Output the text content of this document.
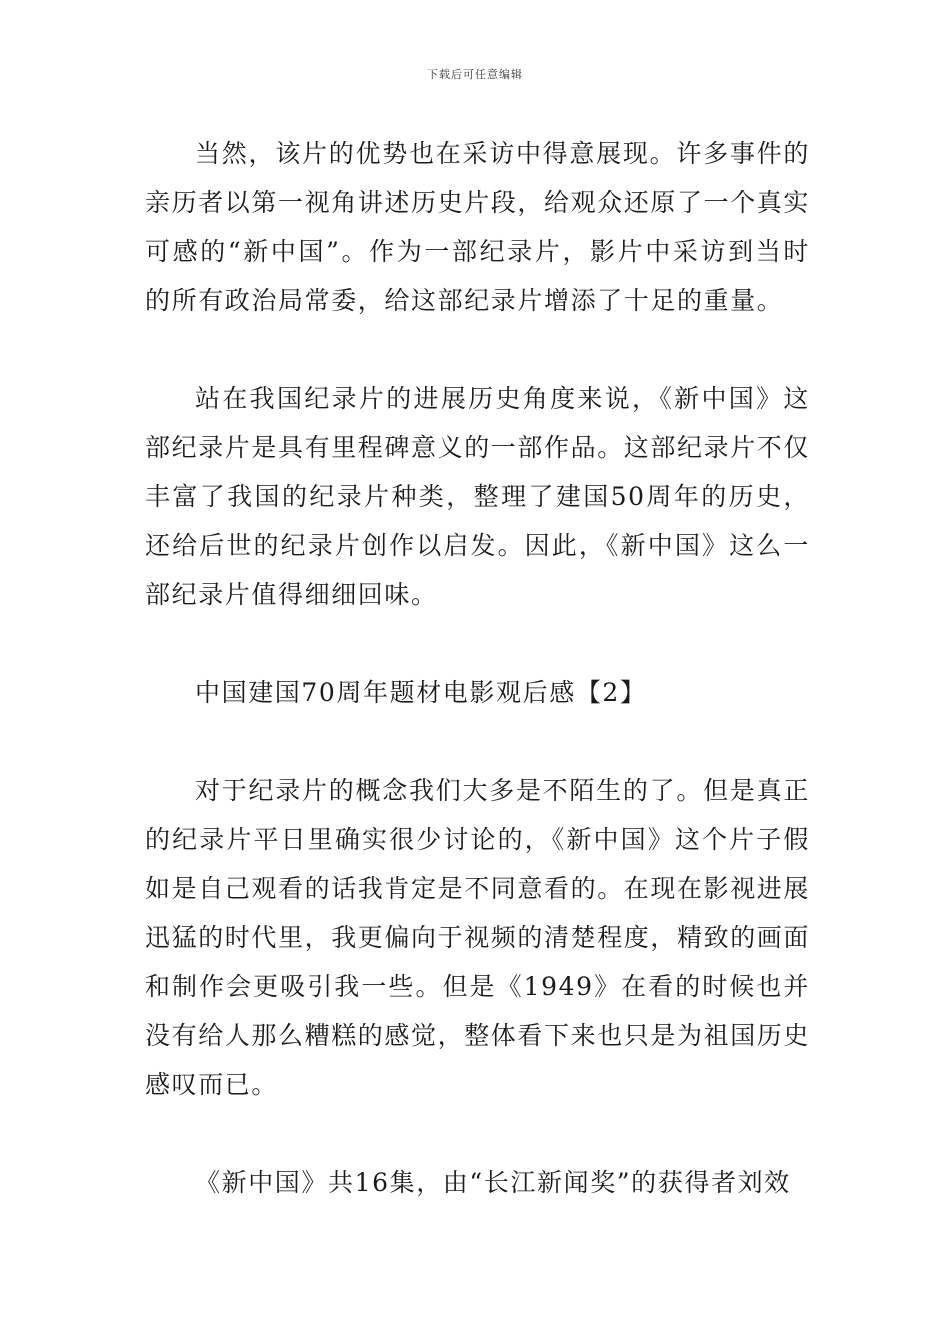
下载后可任意编辑

当然，该片的优势也在采访中得意展现。许多事件的亲历者以第一视角讲述历史片段，给观众还原了一个真实可感的“新中国”。作为一部纪录片，影片中采访到当时的所有政治局常委，给这部纪录片增添了十足的重量。

站在我国纪录片的进展历史角度来说，《新中国》这部纪录片是具有里程碑意义的一部作品。这部纪录片不仅丰富了我国的纪录片种类，整理了建国50周年的历史，还给后世的纪录片创作以启发。因此，《新中国》这么一部纪录片值得细细回味。

中国建国70周年题材电影观后感【2】

对于纪录片的概念我们大多是不陌生的了。但是真正的纪录片平日里确实很少讨论的，《新中国》这个片子假如是自己观看的话我肯定是不同意看的。在现在影视进展迅猛的时代里，我更偏向于视频的清楚程度，精致的画面和制作会更吸引我一些。但是《1949》在看的时候也并没有给人那么糟糕的感觉，整体看下来也只是为祖国历史感叹而已。

《新中国》共16集，由“长江新闻奖”的获得者刘效
